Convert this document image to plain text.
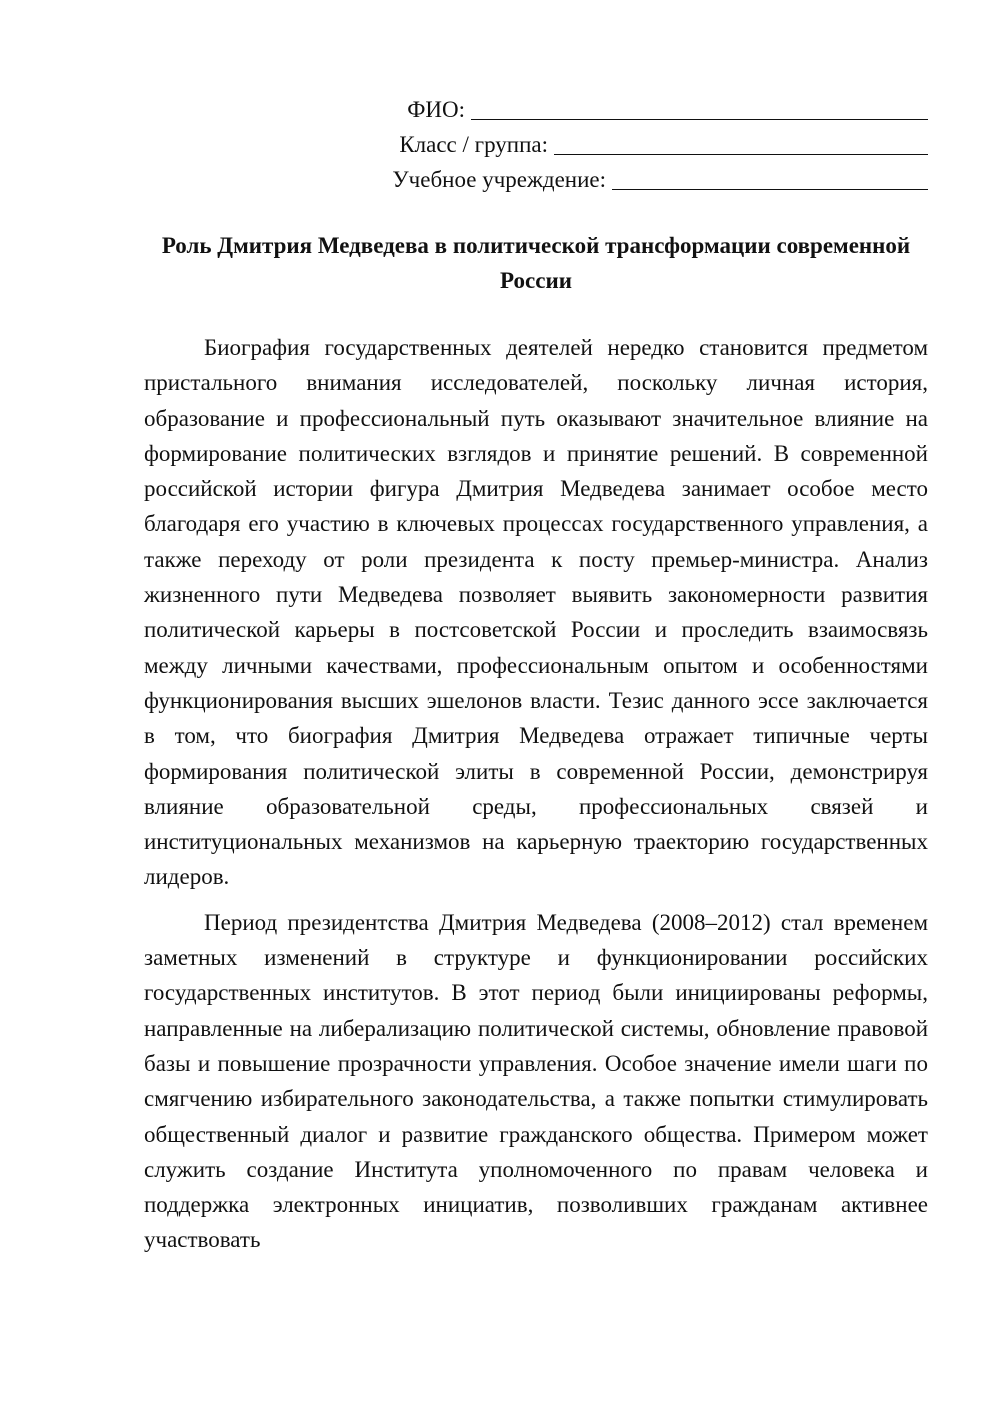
ФИО:
Класс / группа:
Учебное учреждение:
Роль Дмитрия Медведева в политической трансформации современной России

Биография государственных деятелей нередко становится предметом пристального внимания исследователей, поскольку личная история, образование и профессиональный путь оказывают значительное влияние на формирование политических взглядов и принятие решений. В современной российской истории фигура Дмитрия Медведева занимает особое место благодаря его участию в ключевых процессах государственного управления, а также переходу от роли президента к посту премьер-министра. Анализ жизненного пути Медведева позволяет выявить закономерности развития политической карьеры в постсоветской России и проследить взаимосвязь между личными качествами, профессиональным опытом и особенностями функционирования высших эшелонов власти. Тезис данного эссе заключается в том, что биография Дмитрия Медведева отражает типичные черты формирования политической элиты в современной России, демонстрируя влияние образовательной среды, профессиональных связей и институциональных механизмов на карьерную траекторию государственных лидеров.

Период президентства Дмитрия Медведева (2008–2012) стал временем заметных изменений в структуре и функционировании российских государственных институтов. В этот период были инициированы реформы, направленные на либерализацию политической системы, обновление правовой базы и повышение прозрачности управления. Особое значение имели шаги по смягчению избирательного законодательства, а также попытки стимулировать общественный диалог и развитие гражданского общества. Примером может служить создание Института уполномоченного по правам человека и поддержка электронных инициатив, позволивших гражданам активнее участвовать
